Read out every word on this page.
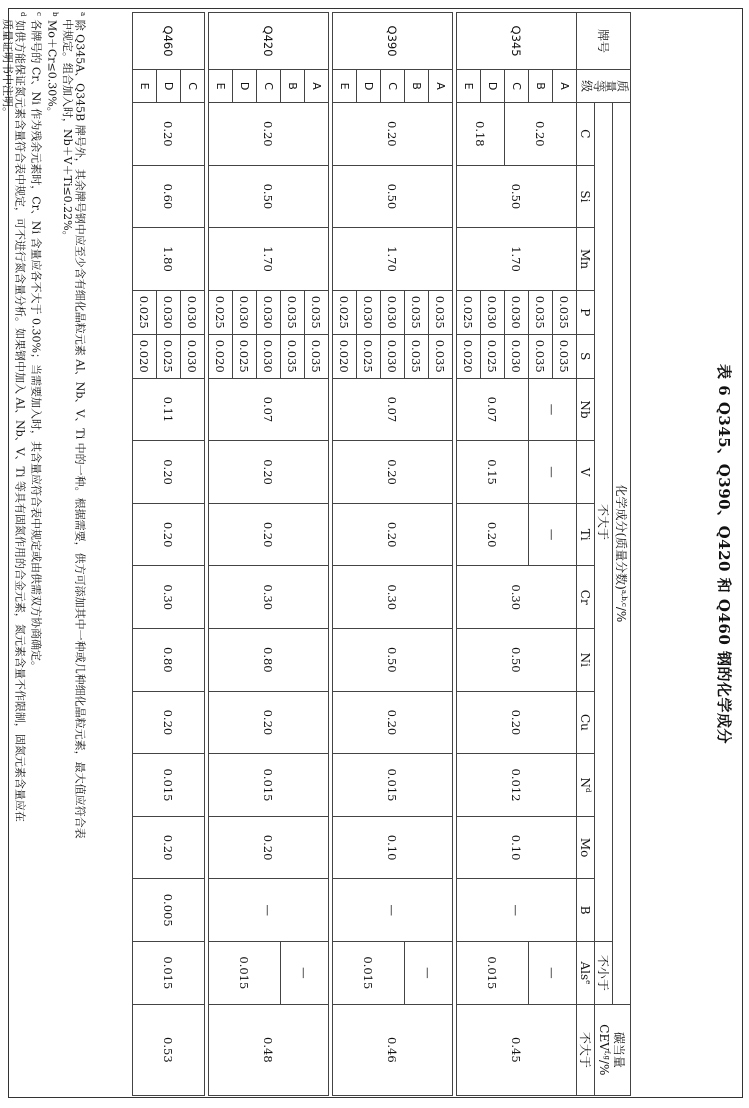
表 6 Q345、Q390、Q420 和 Q460 钢的化学成分
牌号	质量等级	化学成分(质量分数)$^{a,b,c}$/%															碳当量 CEV$^{f,g}$/%
		不大于														不小于	
		C	Si	Mn	P	S	Nb	V	Ti	Cr	Ni	Cu	$N^d$	Mo	B	Als$^e$	不大于
Q345	A	0.20	0.50	1.70	0.035	0.035	—	—	—	0.30	0.50	0.20	0.012	0.10	—	—	0.45
	B				0.035	0.035											
	C				0.030	0.030	0.07	0.15	0.20							0.015	
	D	0.18			0.030	0.025											
	E				0.025	0.020											

Q390	A	0.20	0.50	1.70	0.035	0.035	0.07	0.20	0.20	0.30	0.50	0.20	0.015	0.10	—	—	0.46
	B				0.035	0.035											
	C				0.030	0.030										0.015	
	D				0.030	0.025											
	E				0.025	0.020											

Q420	A	0.20	0.50	1.70	0.035	0.035	0.07	0.20	0.20	0.30	0.80	0.20	0.015	0.20	—	—	0.48
	B				0.035	0.035											
	C				0.030	0.030										0.015	
	D				0.030	0.025											
	E				0.025	0.020											

Q460	C	0.20	0.60	1.80	0.030	0.030	0.11	0.20	0.20	0.30	0.80	0.20	0.015	0.20	0.005	0.015	0.53
	D				0.030	0.025											
	E				0.025	0.020											
$^a$ 除 Q345A、Q345B 牌号外，其余牌号钢中应至少含有细化晶粒元素 Al、Nb、V、Ti 中的一种。根据需要，供方可添加其中一种或几种细化晶粒元素，最大值应符合表
中规定。组合加入时，Nb＋V＋Ti≤0.22%。
$^b$ Mo＋Cr≤0.30%。
$^c$ 各牌号的 Cr、Ni 作为残余元素时，Cr、Ni 含量应各不大于 0.30%；当需要加入时，其含量应符合表中规定或由供需双方协商确定。
$^d$ 如供方能保证氮元素含量符合表中规定，可不进行氮含量分析。如果钢中加入 Al、Nb、V、Ti 等具有固氮作用的合金元素，氮元素含量不作限制，固氮元素含量应在
质量证明书中注明。
